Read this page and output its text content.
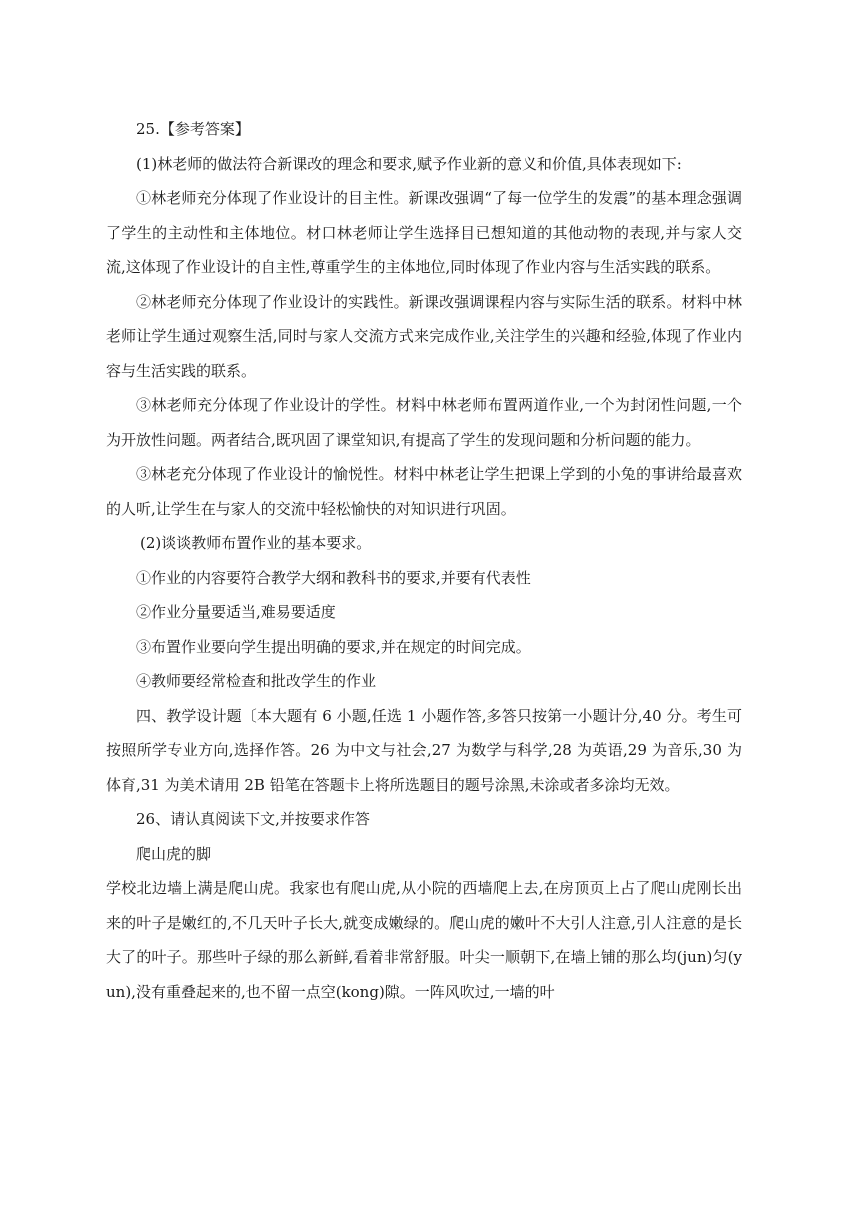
25.【参考答案】

(1)林老师的做法符合新课改的理念和要求,赋予作业新的意义和价值,具体表现如下:

①林老师充分体现了作业设计的目主性。新课改强调“了每一位学生的发震”的基本理念强调了学生的主动性和主体地位。材口林老师让学生选择目已想知道的其他动物的表现,并与家人交流,这体现了作业设计的自主性,尊重学生的主体地位,同时体现了作业内容与生活实践的联系。

②林老师充分体现了作业设计的实践性。新课改强调课程内容与实际生活的联系。材料中林老师让学生通过观察生活,同时与家人交流方式来完成作业,关注学生的兴趣和经验,体现了作业内容与生活实践的联系。

③林老师充分体现了作业设计的学性。材料中林老师布置两道作业,一个为封闭性问题,一个为开放性问题。两者结合,既巩固了课堂知识,有提高了学生的发现问题和分析问题的能力。

③林老充分体现了作业设计的愉悦性。材料中林老让学生把课上学到的小兔的事讲给最喜欢的人听,让学生在与家人的交流中轻松愉快的对知识进行巩固。

(2)谈谈教师布置作业的基本要求。

①作业的内容要符合教学大纲和教科书的要求,并要有代表性

②作业分量要适当,难易要适度

③布置作业要向学生提出明确的要求,并在规定的时间完成。

④教师要经常检查和批改学生的作业

四、教学设计题〔本大题有 6 小题,任选 1 小题作答,多答只按第一小题计分,40 分。考生可按照所学专业方向,选择作答。26 为中文与社会,27 为数学与科学,28 为英语,29 为音乐,30 为体育,31 为美术请用 2B 铅笔在答题卡上将所选题目的题号涂黑,未涂或者多涂均无效。

26、请认真阅读下文,并按要求作答

爬山虎的脚

学校北边墙上满是爬山虎。我家也有爬山虎,从小院的西墙爬上去,在房顶页上占了爬山虎刚长出来的叶子是嫩红的,不几天叶子长大,就变成嫩绿的。爬山虎的嫩叶不大引人注意,引人注意的是长大了的叶子。那些叶子绿的那么新鲜,看着非常舒服。叶尖一顺朝下,在墙上铺的那么均(jun)匀(yun),没有重叠起来的,也不留一点空(kong)隙。一阵风吹过,一墙的叶
